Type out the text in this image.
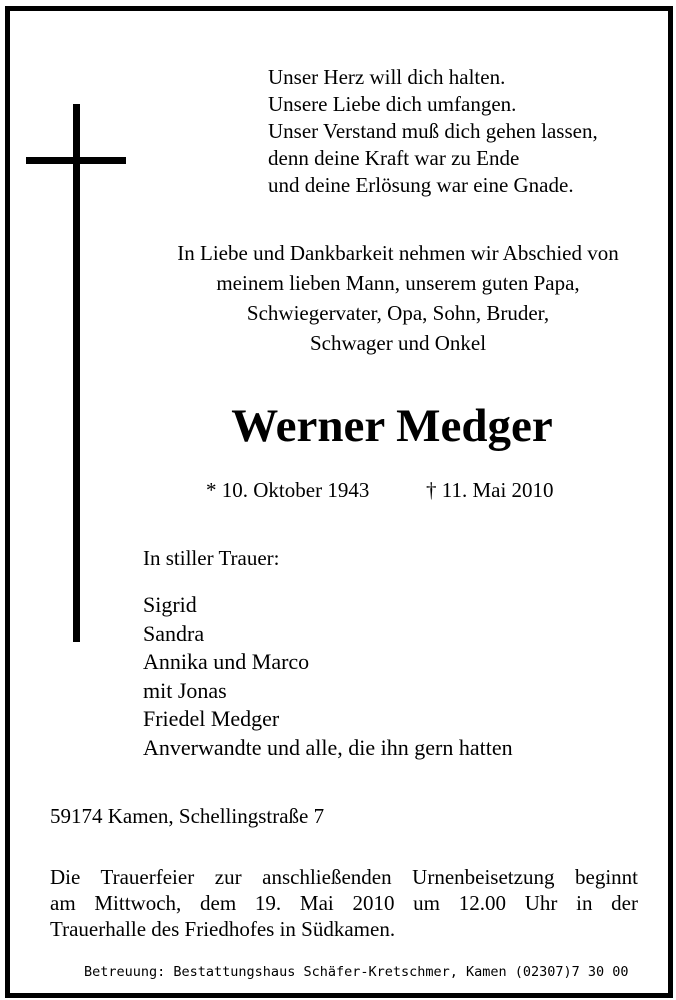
Unser Herz will dich halten.
Unsere Liebe dich umfangen.
Unser Verstand muß dich gehen lassen,
denn deine Kraft war zu Ende
und deine Erlösung war eine Gnade.
In Liebe und Dankbarkeit nehmen wir Abschied von
meinem lieben Mann, unserem guten Papa,
Schwiegervater, Opa, Sohn, Bruder,
Schwager und Onkel
Werner Medger
* 10. Oktober 1943	† 11. Mai 2010
In stiller Trauer:
Sigrid
Sandra
Annika und Marco
mit Jonas
Friedel Medger
Anverwandte und alle, die ihn gern hatten
59174 Kamen, Schellingstraße 7
Die Trauerfeier zur anschließenden Urnenbeisetzung beginnt
am Mittwoch, dem 19. Mai 2010 um 12.00 Uhr in der
Trauerhalle des Friedhofes in Südkamen.
Betreuung: Bestattungshaus Schäfer-Kretschmer, Kamen (02307)7 30 00
